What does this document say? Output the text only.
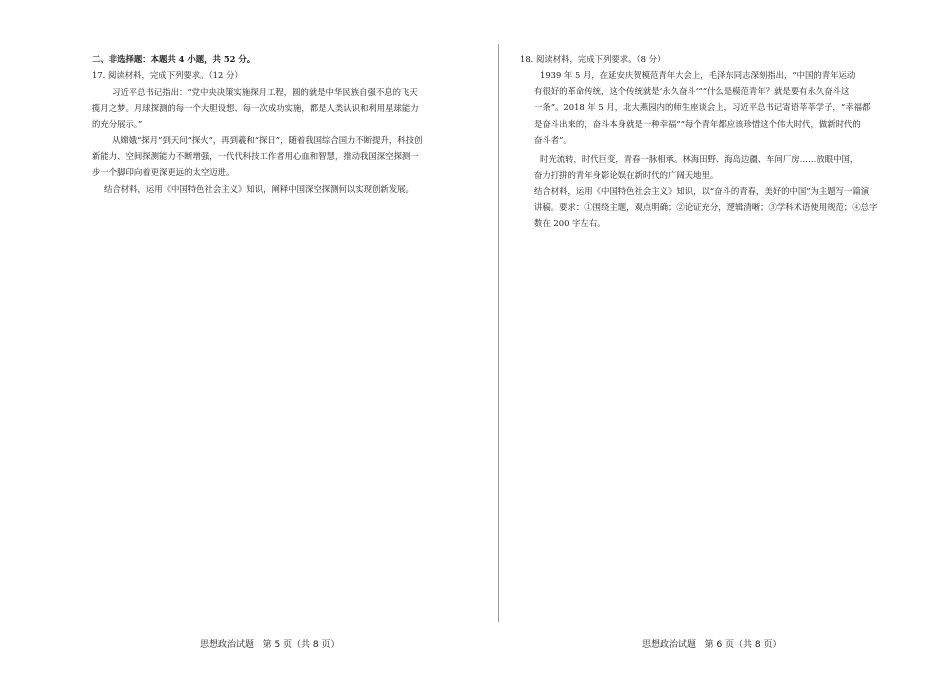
二、非选择题：本题共 4 小题，共 52 分。
17. 阅读材料，完成下列要求。（12 分）
习近平总书记指出：“党中央决策实施探月工程，圆的就是中华民族自强不息的飞天
揽月之梦。月球探测的每一个大胆设想、每一次成功实施，都是人类认识和利用星球能力
的充分展示。”
从嫦娥“探月”到天问“探火”，再到羲和“探日”，随着我国综合国力不断提升，科技创
新能力、空间探测能力不断增强，一代代科技工作者用心血和智慧，推动我国深空探测一
步一个脚印向着更深更远的太空迈进。
结合材料，运用《中国特色社会主义》知识，阐释中国深空探测何以实现创新发展。
思想政治试题 第 5 页（共 8 页）
18. 阅读材料，完成下列要求。（8 分）
1939 年 5 月，在延安庆贺模范青年大会上，毛泽东同志深刻指出，“中国的青年运动
有很好的革命传统，这个传统就是‘永久奋斗’”“什么是模范青年？就是要有永久奋斗这
一条”。2018 年 5 月，北大燕园内的师生座谈会上，习近平总书记寄语莘莘学子，“幸福都
是奋斗出来的，奋斗本身就是一种幸福”“每个青年都应该珍惜这个伟大时代，做新时代的
奋斗者”。
时光流转，时代巨变，青春一脉相承。林海田野、海岛边疆、车间厂房……放眼中国，
奋力打拼的青年身影论娱在新时代的广阔天地里。
结合材料，运用《中国特色社会主义》知识，以“奋斗的青春，美好的中国”为主题写一篇演
讲稿。要求：①围绕主题，观点明确；②论证充分，逻辑清晰；③学科术语使用规范；④总字
数在 200 字左右。
思想政治试题 第 6 页（共 8 页）
